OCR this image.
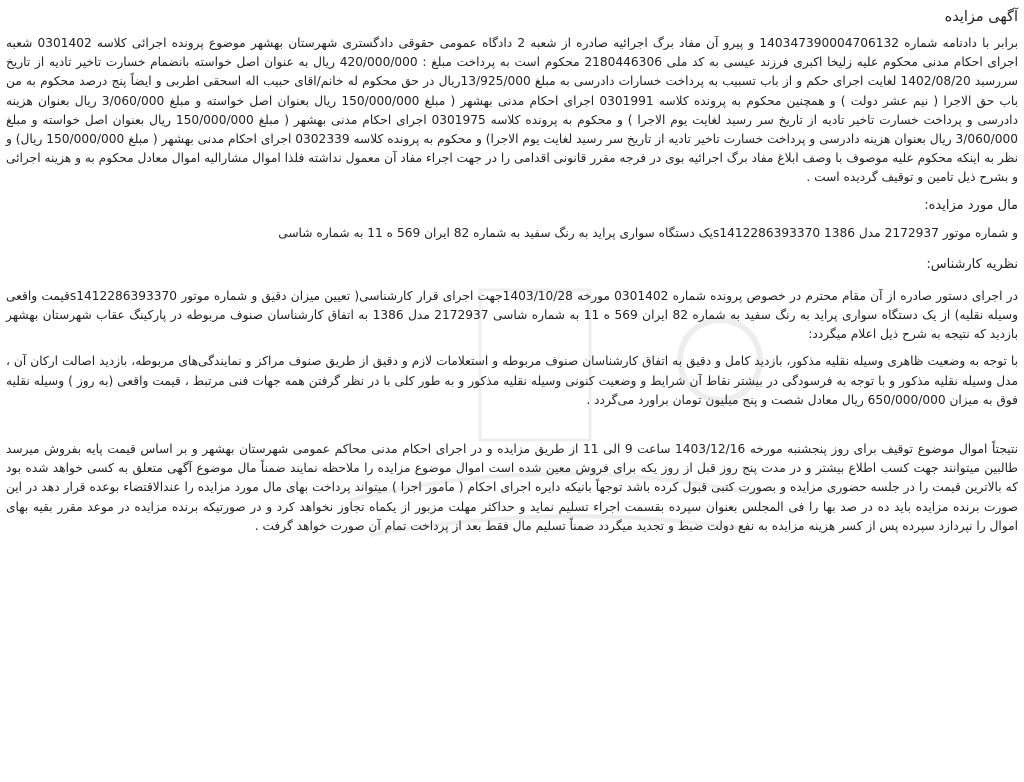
آگهی مزایده

برابر با دادنامه شماره 140347390004706132 و پیرو آن مفاد برگ اجرائیه صادره از شعبه 2 دادگاه عمومی حقوقی دادگستری شهرستان بهشهر موضوع پرونده اجرائی کلاسه 0301402 شعبه اجرای احکام مدنی محکوم علیه زلیخا اکبری فرزند عیسی به کد ملی 2180446306 محکوم است به پرداخت مبلغ : 420/000/000 ریال به عنوان اصل خواسته بانضمام خسارت تاخیر تادیه از تاریخ سررسید 1402/08/20 لغایت اجرای حکم و از باب تسبیب به پرداخت خسارات دادرسی به مبلغ 13/925/000ریال در حق محکوم له خانم/اقای حبیب اله اسحقی اطربی و ایضاً پنج درصد محکوم به من باب حق الاجرا ( نیم عشر دولت ) و همچنین محکوم به پرونده کلاسه 0301991 اجرای احکام مدنی بهشهر ( مبلغ 150/000/000 ریال بعنوان اصل خواسته و مبلغ 3/060/000 ریال بعنوان هزینه دادرسی و پرداخت خسارت تاخیر تادیه از تاریخ سر رسید لغایت یوم الاجرا ) و محکوم به پرونده کلاسه 0301975 اجرای احکام مدنی بهشهر ( مبلغ 150/000/000 ریال بعنوان اصل خواسته و مبلغ 3/060/000 ریال بعنوان هزینه دادرسی و پرداخت خسارت تاخیر تادیه از تاریخ سر رسید لغایت یوم الاجرا) و محکوم به پرونده کلاسه 0302339 اجرای احکام مدنی بهشهر ( مبلغ 150/000/000 ریال) و نظر به اینکه محکوم علیه موصوف با وصف ابلاغ مفاد برگ اجرائیه بوی در فرجه مقرر قانونی اقدامی را در جهت اجراء مفاد آن معمول نداشته فلذا اموال مشارالیه اموال معادل محکوم به و هزینه اجرائی و بشرح ذیل تامین و توقیف گردیده است .

مال مورد مزایده:

و شماره موتور 2172937 مدل 1386 s1412286393370یک دستگاه سواری پراید به رنگ سفید به شماره 82 ایران 569 ه 11 به شماره شاسی

نظریه کارشناس:

در اجرای دستور صادره از آن مقام محترم در خصوص پرونده شماره 0301402 مورخه 1403/10/28جهت اجرای قرار کارشناسی( تعیین میزان دقیق و شماره موتور s1412286393370قیمت واقعی وسیله نقلیه) از یک دستگاه سواری پراید به رنگ سفید به شماره 82 ایران 569 ه 11 به شماره شاسی 2172937 مدل 1386 به اتفاق کارشناسان صنوف مربوطه در پارکینگ عقاب شهرستان بهشهر بازدید که نتیجه به شرح ذیل اعلام میگردد:

با توجه به وضعیت ظاهری وسیله نقلیه مذکور، بازدید کامل و دقیق به اتفاق کارشناسان صنوف مربوطه و استعلامات لازم و دقیق از طریق صنوف مراکز و نمایندگی‌های مربوطه، بازدید اصالت ارکان آن ، مدل وسیله نقلیه مذکور و با توجه به فرسودگی در بیشتر نقاط آن شرایط و وضعیت کنونی وسیله نقلیه مذکور و به طور کلی با در نظر گرفتن همه جهات فنی مرتبط ، قیمت واقعی (به روز ) وسیله نقلیه فوق به میزان 650/000/000 ریال معادل شصت و پنج میلیون تومان براورد می‌گردد .

نتیجتاً اموال موضوع توقیف برای روز پنجشنبه مورخه 1403/12/16 ساعت 9 الی 11 از طریق مزایده و در اجرای احکام مدنی محاکم عمومی شهرستان بهشهر و بر اساس قیمت پایه بفروش میرسد طالبین میتوانند جهت کسب اطلاع بیشتر و در مدت پنج روز قبل از روز یکه برای فروش معین شده است اموال موضوع مزایده را ملاحظه نمایند ضمناً مال موضوع آگهی متعلق به کسی خواهد شده بود که بالاترین قیمت را در جلسه حضوری مزایده و بصورت کتبی قبول کرده باشد توجهاً بانیکه دایره اجرای احکام ( مامور اجرا ) میتواند پرداخت بهای مال مورد مزایده را عندالاقتضاء بوعده قرار دهد در این صورت برنده مزایده باید ده در صد بها را فی المجلس بعنوان سپرده بقسمت اجراء تسلیم نماید و حداکثر مهلت مزبور از یکماه تجاوز نخواهد کرد و در صورتیکه برنده مزایده در موعد مقرر بقیه بهای اموال را نپردازد سپرده پس از کسر هزینه مزایده به نفع دولت ضبط و تجدید میگردد ضمناً تسلیم مال فقط بعد از پرداخت تمام آن صورت خواهد گرفت .
